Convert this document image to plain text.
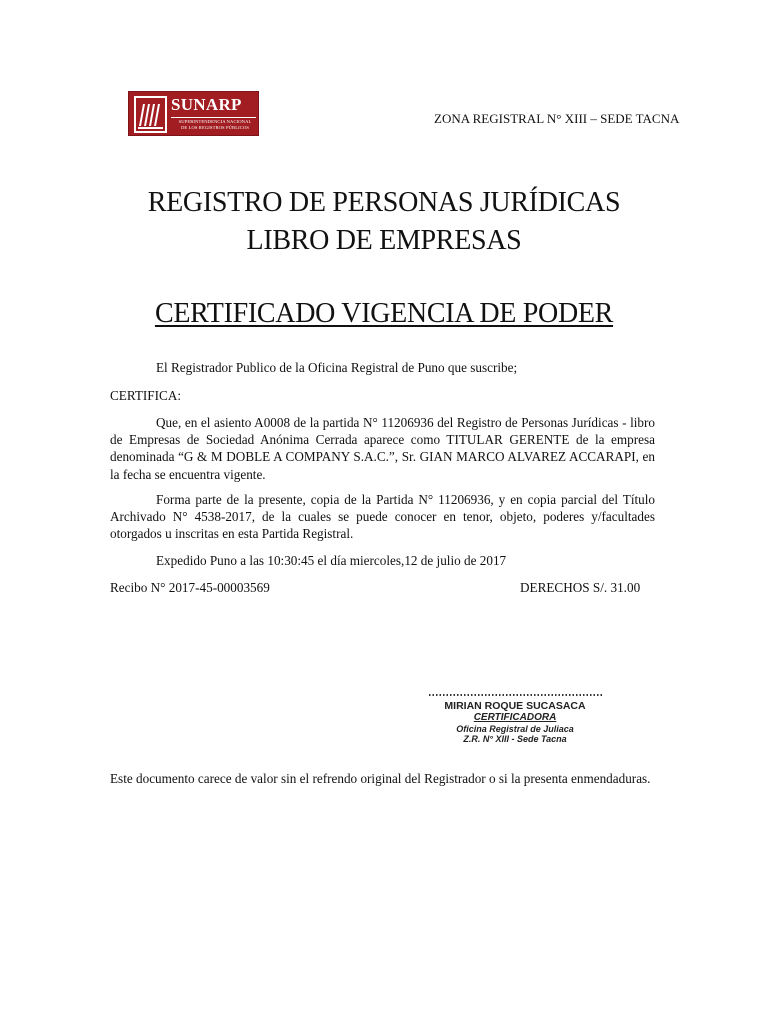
SUNARP
SUPERINTENDENCIA NACIONAL
DE LOS REGISTROS PÚBLICOS
ZONA REGISTRAL N° XIII – SEDE TACNA
REGISTRO DE PERSONAS JURÍDICAS
LIBRO DE EMPRESAS
CERTIFICADO VIGENCIA DE PODER
El Registrador Publico de la Oficina Registral de Puno que suscribe;
CERTIFICA:
Que, en el asiento A0008 de la partida N° 11206936 del Registro de Personas Jurídicas - libro de Empresas de Sociedad Anónima Cerrada aparece como TITULAR GERENTE de la empresa denominada “G & M DOBLE A COMPANY S.A.C.”, Sr. GIAN MARCO ALVAREZ ACCARAPI, en la fecha se encuentra vigente.
Forma parte de la presente, copia de la Partida N° 11206936, y en copia parcial del Título Archivado N° 4538-2017, de la cuales se puede conocer en tenor, objeto, poderes y/facultades otorgados u inscritas en esta Partida Registral.
Expedido Puno a las 10:30:45 el día miercoles,12 de julio de 2017
Recibo N° 2017-45-00003569	DERECHOS S/. 31.00
MIRIAN ROQUE SUCASACA
CERTIFICADORA
Oficina Registral de Juliaca
Z.R. N° XIII - Sede Tacna
Este documento carece de valor sin el refrendo original del Registrador o si la presenta enmendaduras.
